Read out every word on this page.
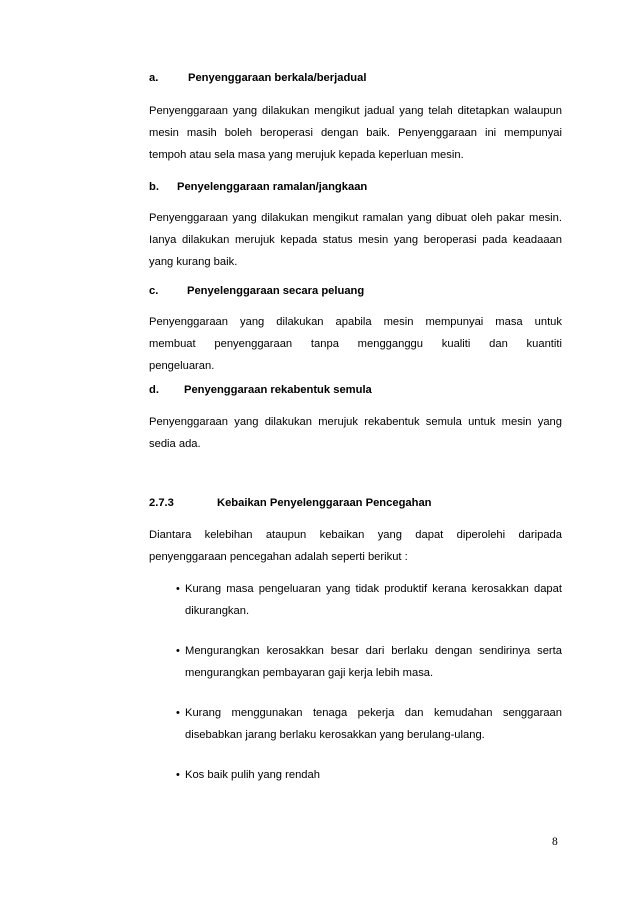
a.	Penyenggaraan berkala/berjadual
Penyenggaraan yang dilakukan mengikut jadual yang telah ditetapkan walaupun mesin masih boleh beroperasi dengan baik. Penyenggaraan ini mempunyai tempoh atau sela masa yang merujuk kepada keperluan mesin.
b. Penyelenggaraan ramalan/jangkaan
Penyenggaraan yang dilakukan mengikut ramalan yang dibuat oleh pakar mesin. Ianya dilakukan merujuk kepada status mesin yang beroperasi pada keadaaan yang kurang baik.
c.	Penyelenggaraan secara peluang
Penyenggaraan yang dilakukan apabila mesin mempunyai masa untuk
membuat penyenggaraan tanpa mengganggu kualiti dan kuantiti
pengeluaran.
d. Penyenggaraan rekabentuk semula
Penyenggaraan yang dilakukan merujuk rekabentuk semula untuk mesin yang sedia ada.
2.7.3	Kebaikan Penyelenggaraan Pencegahan
Diantara kelebihan ataupun kebaikan yang dapat diperolehi daripada penyenggaraan pencegahan adalah seperti berikut :
• Kurang masa pengeluaran yang tidak produktif kerana kerosakkan dapat dikurangkan.
• Mengurangkan kerosakkan besar dari berlaku dengan sendirinya serta mengurangkan pembayaran gaji kerja lebih masa.
• Kurang menggunakan tenaga pekerja dan kemudahan senggaraan disebabkan jarang berlaku kerosakkan yang berulang-ulang.
• Kos baik pulih yang rendah
8
